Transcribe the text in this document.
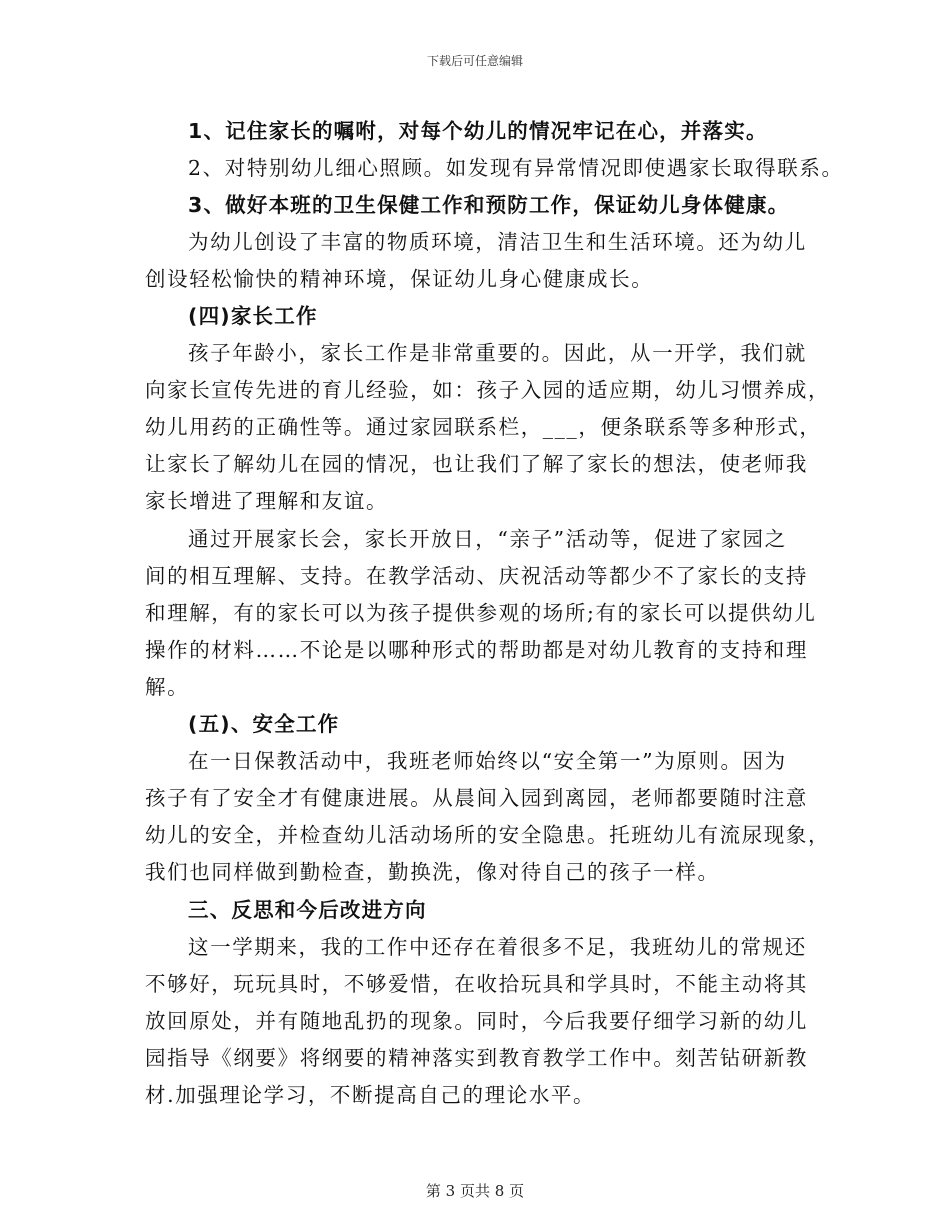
下载后可任意编辑
1、记住家长的嘱咐，对每个幼儿的情况牢记在心，并落实。
2、对特别幼儿细心照顾。如发现有异常情况即使遇家长取得联系。
3、做好本班的卫生保健工作和预防工作，保证幼儿身体健康。
为幼儿创设了丰富的物质环境，清洁卫生和生活环境。还为幼儿
创设轻松愉快的精神环境，保证幼儿身心健康成长。
(四)家长工作
孩子年龄小，家长工作是非常重要的。因此，从一开学，我们就
向家长宣传先进的育儿经验，如：孩子入园的适应期，幼儿习惯养成，
幼儿用药的正确性等。通过家园联系栏，___，便条联系等多种形式，
让家长了解幼儿在园的情况，也让我们了解了家长的想法，使老师我
家长增进了理解和友谊。
通过开展家长会，家长开放日，“亲子”活动等，促进了家园之
间的相互理解、支持。在教学活动、庆祝活动等都少不了家长的支持
和理解，有的家长可以为孩子提供参观的场所;有的家长可以提供幼儿
操作的材料……不论是以哪种形式的帮助都是对幼儿教育的支持和理
解。
(五)、安全工作
在一日保教活动中，我班老师始终以“安全第一”为原则。因为
孩子有了安全才有健康进展。从晨间入园到离园，老师都要随时注意
幼儿的安全，并检查幼儿活动场所的安全隐患。托班幼儿有流尿现象，
我们也同样做到勤检查，勤换洗，像对待自己的孩子一样。
三、反思和今后改进方向
这一学期来，我的工作中还存在着很多不足，我班幼儿的常规还
不够好，玩玩具时，不够爱惜，在收拾玩具和学具时，不能主动将其
放回原处，并有随地乱扔的现象。同时，今后我要仔细学习新的幼儿
园指导《纲要》将纲要的精神落实到教育教学工作中。刻苦钻研新教
材.加强理论学习，不断提高自己的理论水平。
第 3 页共 8 页
